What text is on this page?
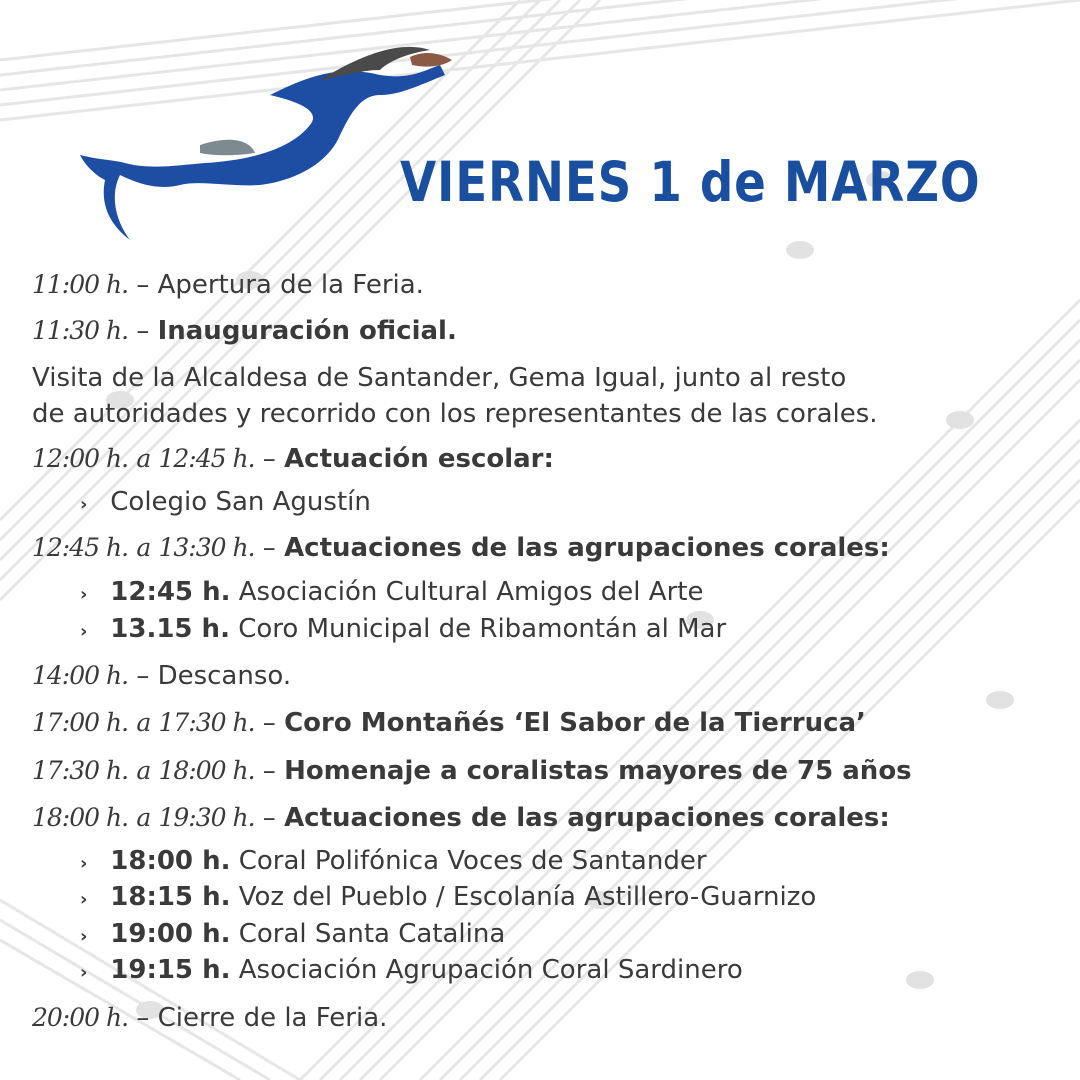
VIERNES 1 de MARZO
11:00 h. – Apertura de la Feria.
11:30 h. – Inauguración oficial.
Visita de la Alcaldesa de Santander, Gema Igual, junto al resto
de autoridades y recorrido con los representantes de las corales.
12:00 h. a 12:45 h. – Actuación escolar:
› Colegio San Agustín
12:45 h. a 13:30 h. – Actuaciones de las agrupaciones corales:
› 12:45 h. Asociación Cultural Amigos del Arte
› 13.15 h. Coro Municipal de Ribamontán al Mar
14:00 h. – Descanso.
17:00 h. a 17:30 h. – Coro Montañés ‘El Sabor de la Tierruca’
17:30 h. a 18:00 h. – Homenaje a coralistas mayores de 75 años
18:00 h. a 19:30 h. – Actuaciones de las agrupaciones corales:
› 18:00 h. Coral Polifónica Voces de Santander
› 18:15 h. Voz del Pueblo / Escolanía Astillero-Guarnizo
› 19:00 h. Coral Santa Catalina
› 19:15 h. Asociación Agrupación Coral Sardinero
20:00 h. – Cierre de la Feria.
